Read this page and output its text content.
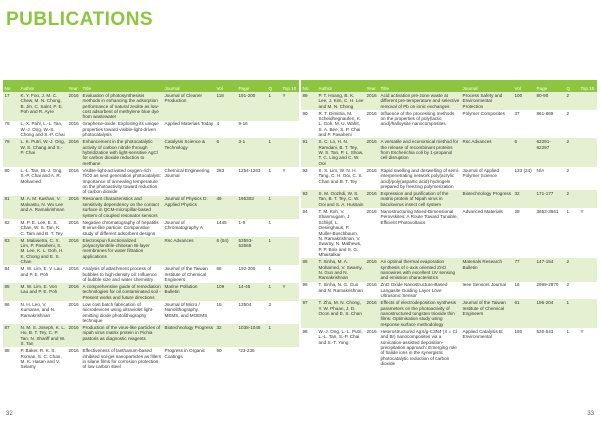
PUBLICATIONS
No	Author	Year	Title	Journal	Vol	Page	Q	Top 10
17	K. Y. Foo, J. M. C. Chew, M. N. Chong, B. Jin, C. Saint, P. E. Poh and R. Ayre	2016	Evaluation of photosynthesisis methods in enhancing the adsorption performance of natural zeolite as low-cost adsorbent of methylene blue dye from wastewater	Journal of Cleaner Production	118	191-200	1	Y
78	L.-X. Pahl, L.-L. Tan, W.-J. Ong, W.-S. Chong and S.-P. Chai	2016	Graphene-oxide: Exploiting its unique properties toward visible-light-driven photocatalysis	Applied Materials Today	4	9-16		
79	L. K. Putri, W.-J. Ong, W. S. Chang and S.-P. Chai	2016	Enhancement in the photocatalytic activity of carbon nitride through hybridization with light-sensitive AgCl for carbon dioxide reduction to methane	Catalysis Science & Technology	6	3-1	1	
80	L.-L. Tan, W.-J. Ong, S.-P. Chai and A. R. Mohamed	2016	Visible-light-activated oxygen-rich TiO2 as next generation photocatalyst: Importance of annealing temperature on the photoactivity toward reduction of carbon dioxide	Chemical Engineering Journal	283	1254-1263	1	Y
81	M. A. M. Kashan, V. Malvastu, N. Wu Lee and A. Ramakrishnan	2016	Resonant characteristics and sensitivity dependency on the contact surface in QCM-micropillar-based system of coupled resonator sensors	Journal of Physics D: Applied Physics	49	195303	1	
82	M. P. E. Lee, E. S. Chan, W. S. Tan, K. C. Tam and B. T. Tey	2016	Negative chromatography of hepatitis B virus-like particle: Comparative study of different adsorbent designs	Journal of Chromatography A	1445	1-9	1	
83	M. Malasetra, C. X. Lim, P. Pasaheni, S. M. Lee, K. L. Goh, H. K. Chong and E. S. Chan	2016	Electrospun functionalized polyacrylonitrile-chitosan Bi-layer membranes for water filtration applications	Rsc Advances	6 (54)	53553-53568	1	
84	M. W. Lim, E. V. Lau and P. E. Poh	2016	Analysis of attachment process of bubbles to high-density oil: Influence of bubble size and water chemistry	Journal of the Taiwan Institute of Chemical Engineers	68	192-200	1	
85	M. W. Lim, E. Von Lau and P. E. Poh	2016	A comprehensive guide of remediation technologies for oil contaminated soil - Present works and future directions	Marine Pollution Bulletin	109	14-45	1	Y
86	N. H. Leo, V. Kumaran, and N. Ramakrishnan	2016	Low cost batch fabrication of microdevices using ultraviolet light-emitting diode photolithography technique	Journal of Micro / Nanolithography, MEMS, and MOEMS	15	13504	2	
87	N. M. S. Joseph, K. L. Ho, B. T. Tey, C. P. Tan, N. Shariff and W. S. Tan	2016	Production of the virus-like particles of nipah virus matrix protein in Pichia pastoris as diagnostic reagents	Biotechnology Progress	32	1038-1045	1	
88	P. Baker, R. K. S. Roman, S. C. Chan, M. K. Hasan and V. Selamy	2016	Effectiveness of lanthanum-based inhibited sol-gel nanoparticles as fillers in silane films for corrosion protection of low carbon steel	Progress in Organic Coatings	90	*23-236		
No	Author	Year	Title	Journal	Vol	Page	Q	Top 10
89	P. T. Hoang, B. K. Lee, J. Kim, C. H. Lee and M. N. Chong	2016	Acid activation pre-zone waste at different pre-temperature and selective removal of Pb on ionic exchanges	Process Safety and Environmental Protection	100	80-90	2	
90	R. T. Dimitria, M. Scheidhegnaufen, K. L. Goh, M. U. Wahit, S. A. Bee, S. P. Chai and P. Pasaheni	2016	Influence of the processing methods on the properties of poly(lactic acid)/halloysite nanocomposites	Polymer Composites	37	861-869	2	
91	S. C. Lo, H. N. Ramdani, B. T. Tey, W. S. Tan, P. L. Show, T. C. Ling and C. W. Ooi	2016	A versatile and economical method for the release of recombinant proteins from Escherichia coli by 1-propanol cell disruption	Rsc Advances	6	62291-62297	2	
92	S. S. Lim, W. N. H. Tang, C. H. Ooi, C. S. Chan and B. T. Tey	2016	Rapid swelling and deswelling of semi-interpenetrating network poly(acrylic acid)/poly(aspartic acid) hydrogels prepared by freezing polymerization	Journal of Applied Polymer Science	133 (24)	N/A	2	
93	S. M. Oozhdi, W. S. Tan, B. T. Tey, C. W. Ooi and S. A. Hussain	2016	Expression and purification of the matrix protein of Nipah virus in baculovirus insect cell system	Biotechnology Progress	32	171-177	2	
94	T. M. Koh, V. Shanmugam, J. Schlipf, L. Oesinghaus, P. Muller-Buschbaum, N. Ramakrishnan, V. Swamy, N. Mathews, P. P. Boix and S. G. Mhaisalkar	2016	Nanostructuring Mixed-Dimensional Perovskites: A Route Toward Tunable, Efficient Photovoltaics	Advanced Materials	28	3653-3661	1	Y
95	T. Sinha, M. A. Mohamed, V. Swamy, N. Guo and N. Ramakrishnan	2016	An optimal thermal evaporation synthesis of c-axis oriented ZnO nanowires with excellent UV sensing and emission characteristics	Materials Research Bulletin	77	147-154	2	
96	T. Sinha, N. G. Guo and N. Ramakrishnan	2016	ZnO Oxide Nanostructure-Based Langasite Guiding Layer Love Ultrasonic Sensor	Ieee Sensors Journal	16	2969-2970	2	
97	T. Zhu, M. N. Chong, Y. W. Phuan, J. D. Ocon and E. S. Chan	2016	Effects of electrodeposition synthesis parameters on the photoactivity of nanostructured tungsten trioxide thin films: Optimisation study using response surface methodology	Journal of the Taiwan Institute of Chemical Engineers	61	196-204	1	
98	W.-J. Ong, L.-L. Putri, L.-L. Tan, S.-P. Chai and S.-T. Yong	2016	Heterostructured AgX/g-C3N4 (X = Cl and Br) nanocomposites via a sonication-assisted deposition-precipitation approach: Emerging role of halide ions in the synergistic photocatalytic reduction of carbon dioxide	Applied Catalysis B: Environmental	180	530-543	1	Y
32	33
